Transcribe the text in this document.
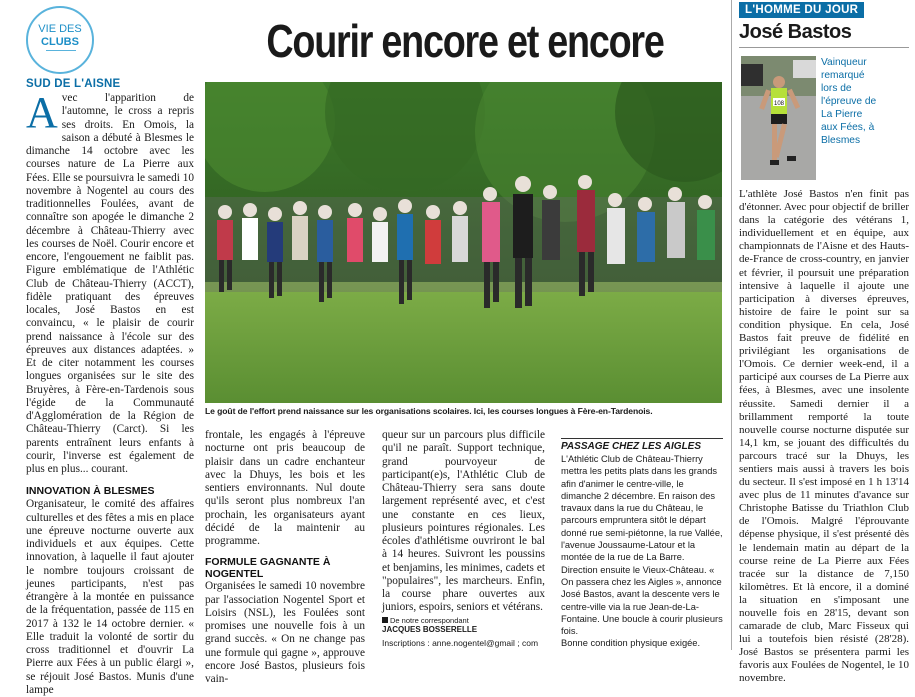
VIE DES
CLUBS	Courir encore et encore
SUD DE L'AISNE

Avec l'apparition de l'automne, le cross a repris ses droits. En Omois, la saison a débuté à Blesmes le dimanche 14 octobre avec les courses nature de La Pierre aux Fées. Elle se poursuivra le samedi 10 novembre à Nogentel au cours des traditionnelles Foulées, avant de connaître son apogée le dimanche 2 décembre à Château-Thierry avec les courses de Noël. Courir encore et encore, l'engouement ne faiblit pas. Figure emblématique de l'Athlétic Club de Château-Thierry (ACCT), fidèle pratiquant des épreuves locales, José Bastos en est convaincu, « le plaisir de courir prend naissance à l'école sur des épreuves aux distances adaptées. » Et de citer notamment les courses longues organisées sur le site des Bruyères, à Fère-en-Tardenois sous l'égide de la Communauté d'Agglomération de la Région de Château-Thierry (Carct). Si les parents entraînent leurs enfants à courir, l'inverse est également de plus en plus... courant.

INNOVATION À BLESMES

Organisateur, le comité des affaires culturelles et des fêtes a mis en place une épreuve nocturne ouverte aux individuels et aux équipes. Cette innovation, à laquelle il faut ajouter le nombre toujours croissant de jeunes participants, n'est pas étrangère à la montée en puissance de la fréquentation, passée de 115 en 2017 à 132 le 14 octobre dernier. « Elle traduit la volonté de sortir du cross traditionnel et d'ouvrir La Pierre aux Fées à un public élargi », se réjouit José Bastos. Munis d'une lampe

Le goût de l'effort prend naissance sur les organisations scolaires. Ici, les courses longues à Fère-en-Tardenois.

frontale, les engagés à l'épreuve nocturne ont pris beaucoup de plaisir dans un cadre enchanteur avec la Dhuys, les bois et les sentiers environnants. Nul doute qu'ils seront plus nombreux l'an prochain, les organisateurs ayant décidé de la maintenir au programme.

FORMULE GAGNANTE À NOGENTEL

Organisées le samedi 10 novembre par l'association Nogentel Sport et Loisirs (NSL), les Foulées sont promises une nouvelle fois à un grand succès. « On ne change pas une formule qui gagne », approuve encore José Bastos, plusieurs fois vain-

queur sur un parcours plus difficile qu'il ne paraît. Support technique, grand pourvoyeur de participant(e)s, l'Athlétic Club de Château-Thierry sera sans doute largement représenté avec, et c'est une constante en ces lieux, plusieurs pointures régionales. Les écoles d'athlétisme ouvriront le bal à 14 heures. Suivront les poussins et benjamins, les minimes, cadets et "populaires", les marcheurs. Enfin, la course phare ouvertes aux juniors, espoirs, seniors et vétérans.

De notre correspondant
JACQUES BOSSERELLE
Inscriptions : anne.nogentel@gmail ; com
PASSAGE CHEZ LES AIGLES

L'Athlétic Club de Château-Thierry mettra les petits plats dans les grands afin d'animer le centre-ville, le dimanche 2 décembre. En raison des travaux dans la rue du Château, le parcours empruntera sitôt le départ donné rue semi-piétonne, la rue Vallée, l'avenue Joussaume-Latour et la montée de la rue de La Barre. Direction ensuite le Vieux-Château. « On passera chez les Aigles », annonce José Bastos, avant la descente vers le centre-ville via la rue Jean-de-La-Fontaine. Une boucle à courir plusieurs fois.

Bonne condition physique exigée.

L'HOMME DU JOUR
José Bastos
108
Vainqueur remarqué lors de l'épreuve de La Pierre aux Fées, à Blesmes

L'athlète José Bastos n'en finit pas d'étonner. Avec pour objectif de briller dans la catégorie des vétérans 1, individuellement et en équipe, aux championnats de l'Aisne et des Hauts-de-France de cross-country, en janvier et février, il poursuit une préparation intensive à laquelle il ajoute une participation à diverses épreuves, histoire de faire le point sur sa condition physique. En cela, José Bastos fait preuve de fidélité en privilégiant les organisations de l'Omois. Ce dernier week-end, il a participé aux courses de La Pierre aux fées, à Blesmes, avec une insolente réussite. Samedi dernier il a brillamment remporté la toute nouvelle course nocturne disputée sur 14,1 km, se jouant des difficultés du parcours tracé sur la Dhuys, les sentiers mais aussi à travers les bois du secteur. Il s'est imposé en 1 h 13'14 avec plus de 11 minutes d'avance sur Christophe Batisse du Triathlon Club de l'Omois. Malgré l'éprouvante dépense physique, il s'est présenté dès le lendemain matin au départ de la course reine de La Pierre aux Fées tracée sur la distance de 7,150 kilomètres. Et là encore, il a dominé la situation en s'imposant une nouvelle fois en 28'15, devant son camarade de club, Marc Fisseux qui lui a toutefois bien résisté (28'28). José Bastos se présentera parmi les favoris aux Foulées de Nogentel, le 10 novembre.
